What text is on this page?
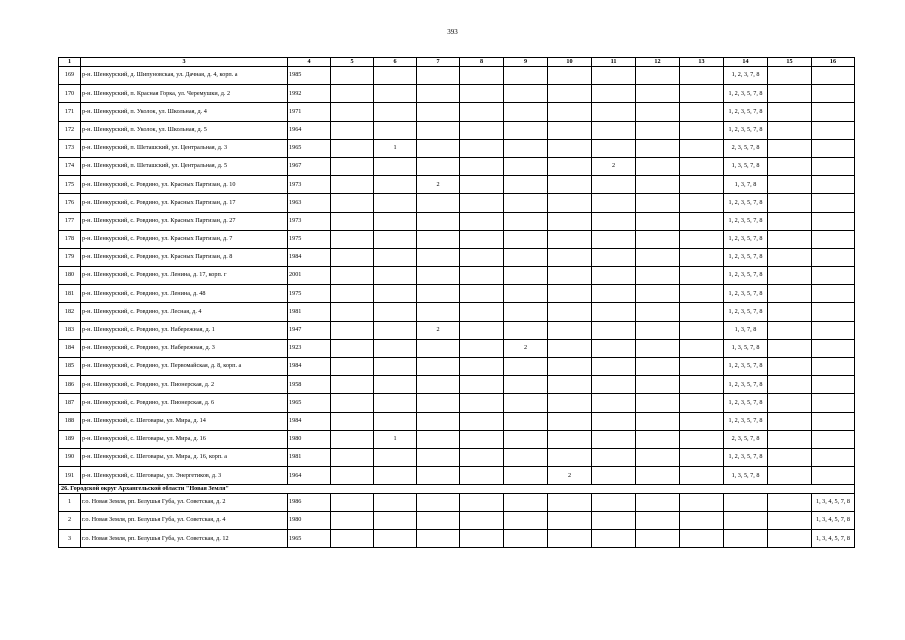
393
1	3	4	5	6	7	8	9	10	11	12	13	14	15	16
169	р-н. Шенкурский, д. Шипуновская, ул. Дачная, д. 4, корп. а	1985										1, 2, 3, 7, 8		
170	р-н. Шенкурский, п. Красная Горка, ул. Черемушки, д. 2	1992										1, 2, 3, 5, 7, 8		
171	р-н. Шенкурский, п. Уколок, ул. Школьная, д. 4	1971										1, 2, 3, 5, 7, 8		
172	р-н. Шенкурский, п. Уколок, ул. Школьная, д. 5	1964										1, 2, 3, 5, 7, 8		
173	р-н. Шенкурский, п. Шеташский, ул. Центральная, д. 3	1965		1								2, 3, 5, 7, 8		
174	р-н. Шенкурский, п. Шеташский, ул. Центральная, д. 5	1967							2			1, 3, 5, 7, 8		
175	р-н. Шенкурский, с. Ровдино, ул. Красных Партизан, д. 10	1973			2							1, 3, 7, 8		
176	р-н. Шенкурский, с. Ровдино, ул. Красных Партизан, д. 17	1963										1, 2, 3, 5, 7, 8		
177	р-н. Шенкурский, с. Ровдино, ул. Красных Партизан, д. 27	1973										1, 2, 3, 5, 7, 8		
178	р-н. Шенкурский, с. Ровдино, ул. Красных Партизан, д. 7	1975										1, 2, 3, 5, 7, 8		
179	р-н. Шенкурский, с. Ровдино, ул. Красных Партизан, д. 8	1984										1, 2, 3, 5, 7, 8		
180	р-н. Шенкурский, с. Ровдино, ул. Ленина, д. 17, корп. г	2001										1, 2, 3, 5, 7, 8		
181	р-н. Шенкурский, с. Ровдино, ул. Ленина, д. 48	1975										1, 2, 3, 5, 7, 8		
182	р-н. Шенкурский, с. Ровдино, ул. Лесная, д. 4	1981										1, 2, 3, 5, 7, 8		
183	р-н. Шенкурский, с. Ровдино, ул. Набережная, д. 1	1947			2							1, 3, 7, 8		
184	р-н. Шенкурский, с. Ровдино, ул. Набережная, д. 3	1923					2					1, 3, 5, 7, 8		
185	р-н. Шенкурский, с. Ровдино, ул. Первомайская, д. 8, корп. а	1984										1, 2, 3, 5, 7, 8		
186	р-н. Шенкурский, с. Ровдино, ул. Пионерская, д. 2	1958										1, 2, 3, 5, 7, 8		
187	р-н. Шенкурский, с. Ровдино, ул. Пионерская, д. 6	1965										1, 2, 3, 5, 7, 8		
188	р-н. Шенкурский, с. Шеговары, ул. Мира, д. 14	1984										1, 2, 3, 5, 7, 8		
189	р-н. Шенкурский, с. Шеговары, ул. Мира, д. 16	1980		1								2, 3, 5, 7, 8		
190	р-н. Шенкурский, с. Шеговары, ул. Мира, д. 16, корп. а	1981										1, 2, 3, 5, 7, 8		
191	р-н. Шенкурский, с. Шеговары, ул. Энергетиков, д. 3	1964						2				1, 3, 5, 7, 8		
26. Городской округ Архангельской области "Новая Земля"														
1	г.о. Новая Земля, рп. Белушья Губа, ул. Советская, д. 2	1986												1, 3, 4, 5, 7, 8
2	г.о. Новая Земля, рп. Белушья Губа, ул. Советская, д. 4	1980												1, 3, 4, 5, 7, 8
3	г.о. Новая Земля, рп. Белушья Губа, ул. Советская, д. 12	1965												1, 3, 4, 5, 7, 8
